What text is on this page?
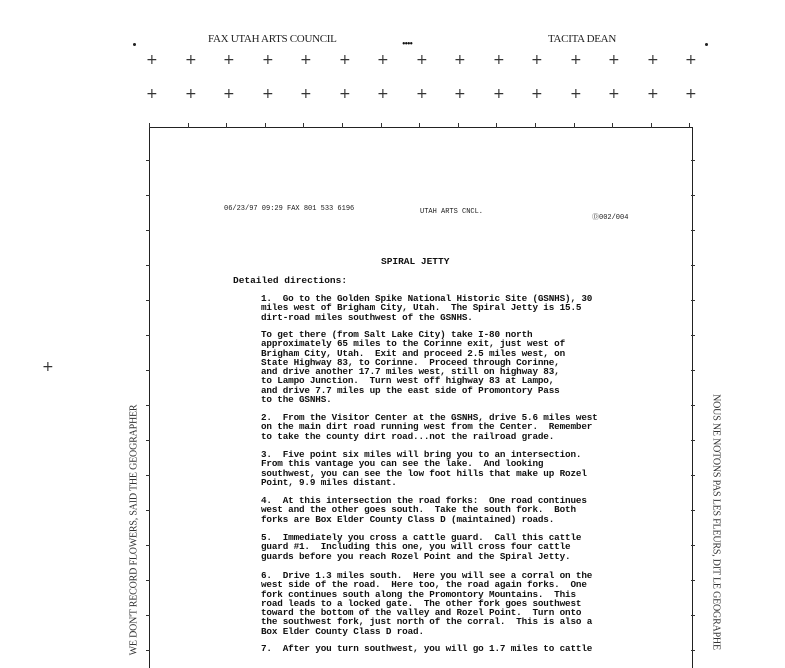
FAX UTAH ARTS COUNCIL	••••	TACITA DEAN
+ + + + + + + + + + + + + + +
+ + + + + + + + + + + + + + +
+
WE DON'T RECORD FLOWERS, SAID THE GEOGRAPHER	NOUS NE NOTONS PAS LES FLEURS, DIT LE GEOGRAPHE
06/23/97 09:29 FAX 801 533 6196	UTAH ARTS CNCL.
Ⓓ002/004
SPIRAL JETTY
Detailed directions:
1.  Go to the Golden Spike National Historic Site (GSNHS), 30
miles west of Brigham City, Utah.  The Spiral Jetty is 15.5
dirt-road miles southwest of the GSNHS.
To get there (from Salt Lake City) take I-80 north
approximately 65 miles to the Corinne exit, just west of
Brigham City, Utah.  Exit and proceed 2.5 miles west, on
State Highway 83, to Corinne.  Proceed through Corinne,
and drive another 17.7 miles west, still on highway 83,
to Lampo Junction.  Turn west off highway 83 at Lampo,
and drive 7.7 miles up the east side of Promontory Pass
to the GSNHS.
2.  From the Visitor Center at the GSNHS, drive 5.6 miles west
on the main dirt road running west from the Center.  Remember
to take the county dirt road...not the railroad grade.
3.  Five point six miles will bring you to an intersection.
From this vantage you can see the lake.  And looking
southwest, you can see the low foot hills that make up Rozel
Point, 9.9 miles distant.
4.  At this intersection the road forks:  One road continues
west and the other goes south.  Take the south fork.  Both
forks are Box Elder County Class D (maintained) roads.
5.  Immediately you cross a cattle guard.  Call this cattle
guard #1.  Including this one, you will cross four cattle
guards before you reach Rozel Point and the Spiral Jetty.
6.  Drive 1.3 miles south.  Here you will see a corral on the
west side of the road.  Here too, the road again forks.  One
fork continues south along the Promontory Mountains.  This
road leads to a locked gate.  The other fork goes southwest
toward the bottom of the valley and Rozel Point.  Turn onto
the southwest fork, just north of the corral.  This is also a
Box Elder County Class D road.
7.  After you turn southwest, you will go 1.7 miles to cattle
